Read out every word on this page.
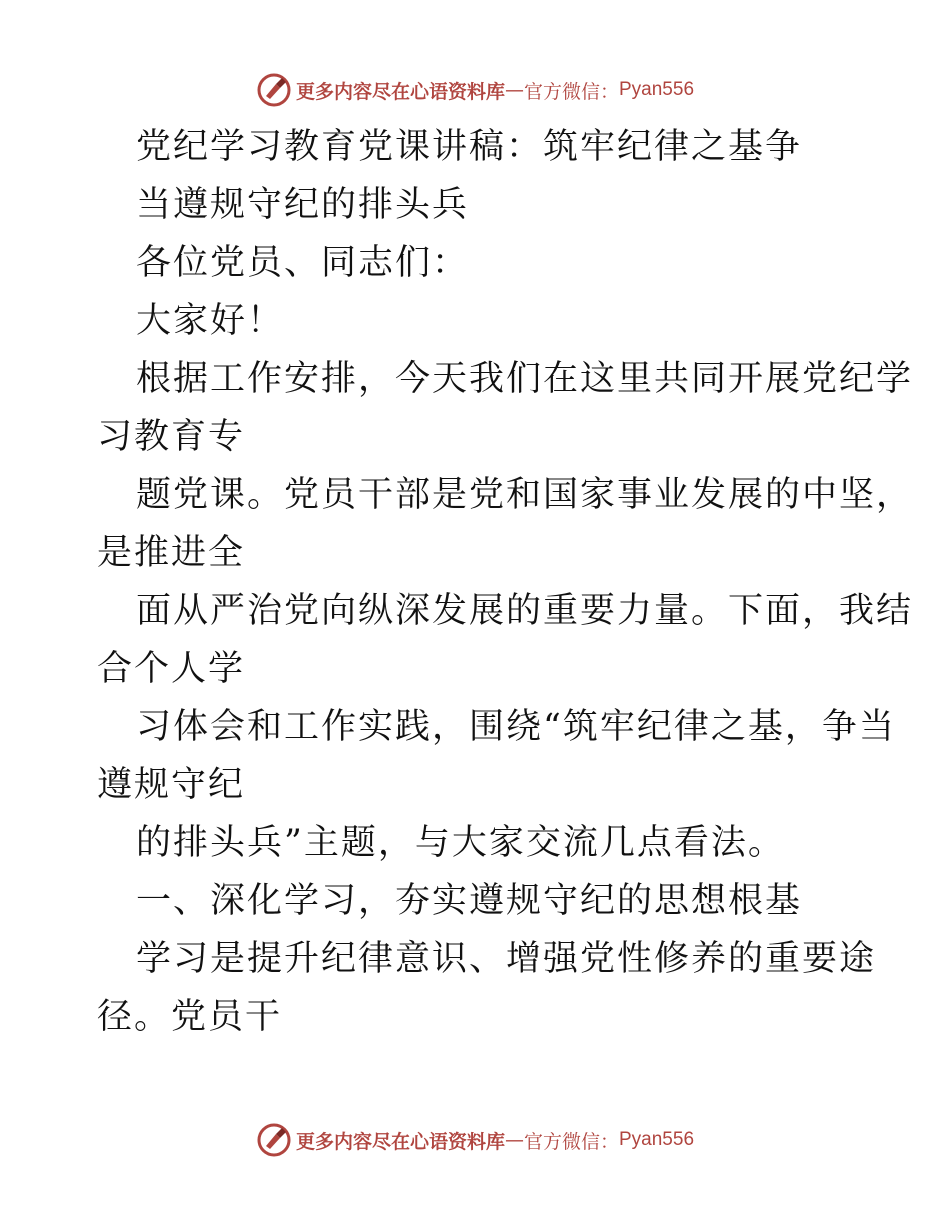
更多内容尽在心语资料库 — 官方微信： Pyan556
党纪学习教育党课讲稿：筑牢纪律之基争
当遵规守纪的排头兵
各位党员、同志们：
大家好！
根据工作安排，今天我们在这里共同开展党纪学
习教育专
题党课。党员干部是党和国家事业发展的中坚，
是推进全
面从严治党向纵深发展的重要力量。下面，我结
合个人学
习体会和工作实践，围绕“筑牢纪律之基，争当
遵规守纪
的排头兵”主题，与大家交流几点看法。
一、深化学习，夯实遵规守纪的思想根基
学习是提升纪律意识、增强党性修养的重要途
径。党员干
更多内容尽在心语资料库 — 官方微信： Pyan556
